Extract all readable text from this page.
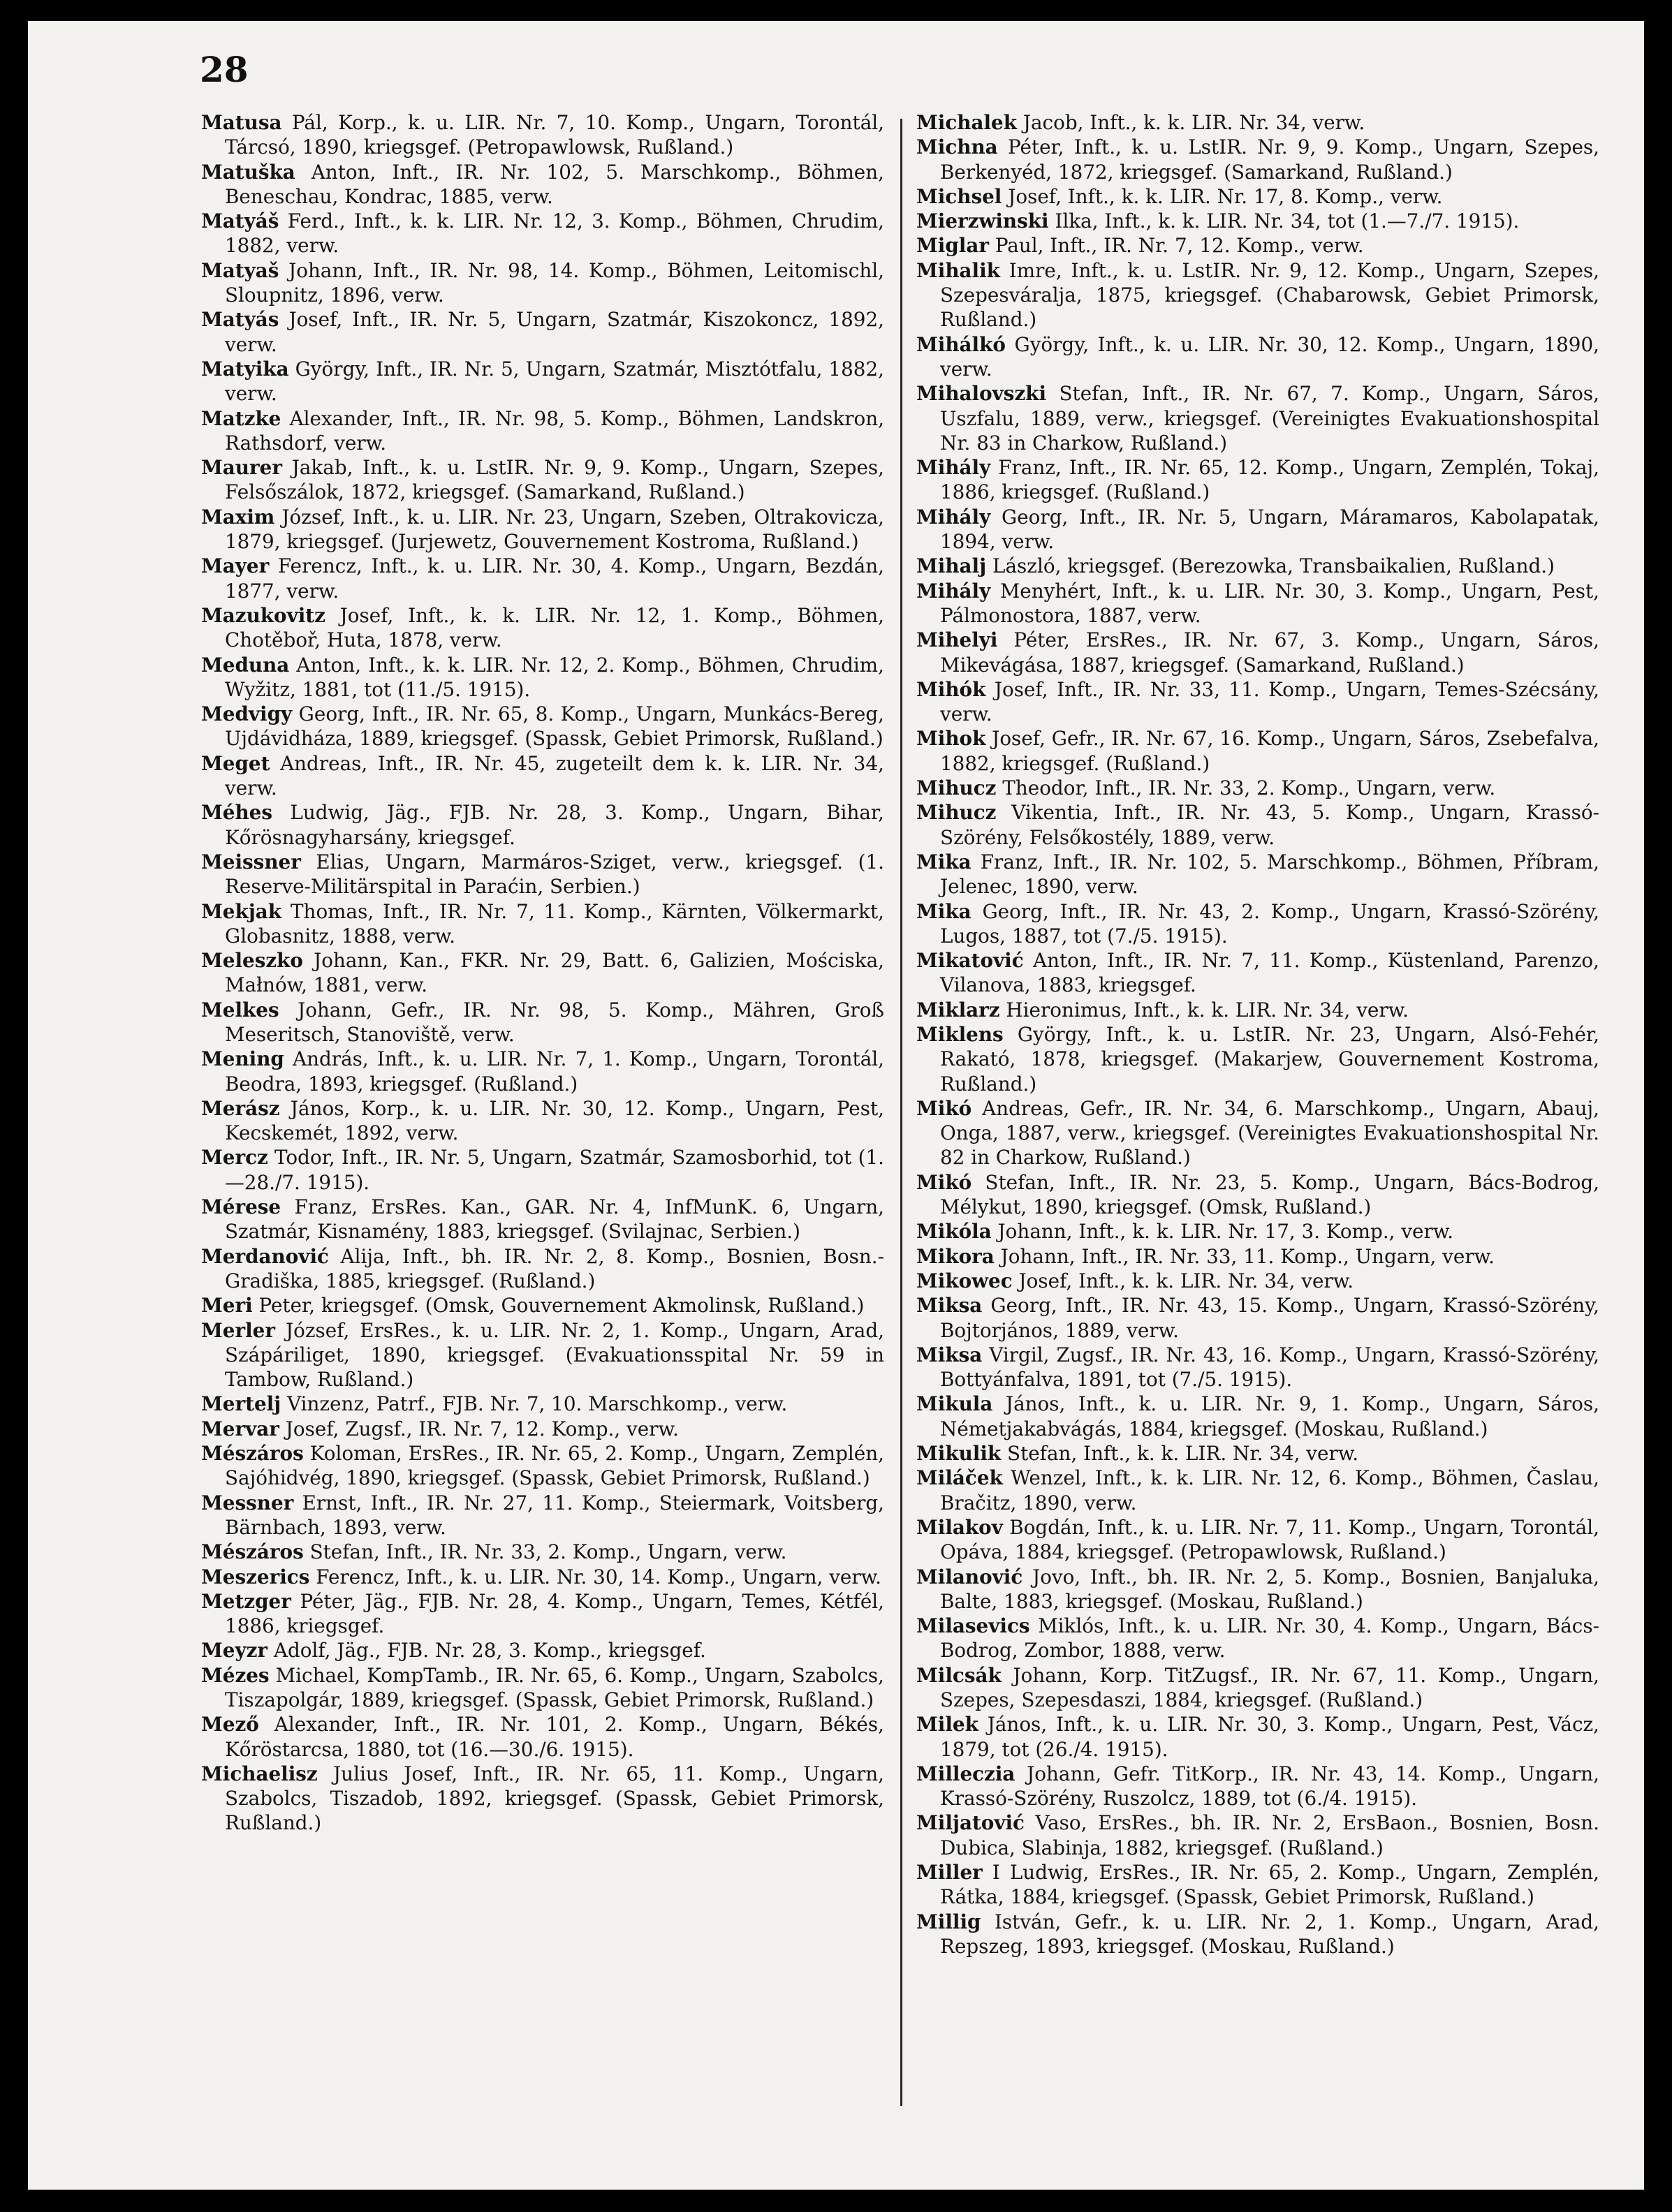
28

Matusa Pál, Korp., k. u. LIR. Nr. 7, 10. Komp., Ungarn, Torontál, Tárcsó, 1890, kriegsgef. (Petropawlowsk, Rußland.)

Matuška Anton, Inft., IR. Nr. 102, 5. Marschkomp., Böhmen, Beneschau, Kondrac, 1885, verw.

Matyáš Ferd., Inft., k. k. LIR. Nr. 12, 3. Komp., Böhmen, Chrudim, 1882, verw.

Matyaš Johann, Inft., IR. Nr. 98, 14. Komp., Böhmen, Leitomischl, Sloupnitz, 1896, verw.

Matyás Josef, Inft., IR. Nr. 5, Ungarn, Szatmár, Kiszokoncz, 1892, verw.

Matyika György, Inft., IR. Nr. 5, Ungarn, Szatmár, Misztótfalu, 1882, verw.

Matzke Alexander, Inft., IR. Nr. 98, 5. Komp., Böhmen, Landskron, Rathsdorf, verw.

Maurer Jakab, Inft., k. u. LstIR. Nr. 9, 9. Komp., Ungarn, Szepes, Felsőszálok, 1872, kriegsgef. (Samarkand, Rußland.)

Maxim József, Inft., k. u. LIR. Nr. 23, Ungarn, Szeben, Oltrakovicza, 1879, kriegsgef. (Jurjewetz, Gouvernement Kostroma, Rußland.)

Mayer Ferencz, Inft., k. u. LIR. Nr. 30, 4. Komp., Ungarn, Bezdán, 1877, verw.

Mazukovitz Josef, Inft., k. k. LIR. Nr. 12, 1. Komp., Böhmen, Chotěboř, Huta, 1878, verw.

Meduna Anton, Inft., k. k. LIR. Nr. 12, 2. Komp., Böhmen, Chrudim, Wyžitz, 1881, tot (11./5. 1915).

Medvigy Georg, Inft., IR. Nr. 65, 8. Komp., Ungarn, Munkács-Bereg, Ujdávidháza, 1889, kriegsgef. (Spassk, Gebiet Primorsk, Rußland.)

Meget Andreas, Inft., IR. Nr. 45, zugeteilt dem k. k. LIR. Nr. 34, verw.

Méhes Ludwig, Jäg., FJB. Nr. 28, 3. Komp., Ungarn, Bihar, Kőrösnagyharsány, kriegsgef.

Meissner Elias, Ungarn, Marmáros-Sziget, verw., kriegsgef. (1. Reserve-Militärspital in Paraćin, Serbien.)

Mekjak Thomas, Inft., IR. Nr. 7, 11. Komp., Kärnten, Völkermarkt, Globasnitz, 1888, verw.

Meleszko Johann, Kan., FKR. Nr. 29, Batt. 6, Galizien, Mościska, Małnów, 1881, verw.

Melkes Johann, Gefr., IR. Nr. 98, 5. Komp., Mähren, Groß Meseritsch, Stanoviště, verw.

Mening András, Inft., k. u. LIR. Nr. 7, 1. Komp., Ungarn, Torontál, Beodra, 1893, kriegsgef. (Rußland.)

Merász János, Korp., k. u. LIR. Nr. 30, 12. Komp., Ungarn, Pest, Kecskemét, 1892, verw.

Mercz Todor, Inft., IR. Nr. 5, Ungarn, Szatmár, Szamosborhid, tot (1.—28./7. 1915).

Mérese Franz, ErsRes. Kan., GAR. Nr. 4, InfMunK. 6, Ungarn, Szatmár, Kisnamény, 1883, kriegsgef. (Svilajnac, Serbien.)

Merdanović Alija, Inft., bh. IR. Nr. 2, 8. Komp., Bosnien, Bosn.-Gradiška, 1885, kriegsgef. (Rußland.)

Meri Peter, kriegsgef. (Omsk, Gouvernement Akmolinsk, Rußland.)

Merler József, ErsRes., k. u. LIR. Nr. 2, 1. Komp., Ungarn, Arad, Szápáriliget, 1890, kriegsgef. (Evakuationsspital Nr. 59 in Tambow, Rußland.)

Mertelj Vinzenz, Patrf., FJB. Nr. 7, 10. Marschkomp., verw.

Mervar Josef, Zugsf., IR. Nr. 7, 12. Komp., verw.

Mészáros Koloman, ErsRes., IR. Nr. 65, 2. Komp., Ungarn, Zemplén, Sajóhidvég, 1890, kriegsgef. (Spassk, Gebiet Primorsk, Rußland.)

Messner Ernst, Inft., IR. Nr. 27, 11. Komp., Steiermark, Voitsberg, Bärnbach, 1893, verw.

Mészáros Stefan, Inft., IR. Nr. 33, 2. Komp., Ungarn, verw.

Meszerics Ferencz, Inft., k. u. LIR. Nr. 30, 14. Komp., Ungarn, verw.

Metzger Péter, Jäg., FJB. Nr. 28, 4. Komp., Ungarn, Temes, Kétfél, 1886, kriegsgef.

Meyzr Adolf, Jäg., FJB. Nr. 28, 3. Komp., kriegsgef.

Mézes Michael, KompTamb., IR. Nr. 65, 6. Komp., Ungarn, Szabolcs, Tiszapolgár, 1889, kriegsgef. (Spassk, Gebiet Primorsk, Rußland.)

Mező Alexander, Inft., IR. Nr. 101, 2. Komp., Ungarn, Békés, Kőröstarcsa, 1880, tot (16.—30./6. 1915).

Michaelisz Julius Josef, Inft., IR. Nr. 65, 11. Komp., Ungarn, Szabolcs, Tiszadob, 1892, kriegsgef. (Spassk, Gebiet Primorsk, Rußland.)

Michalek Jacob, Inft., k. k. LIR. Nr. 34, verw.

Michna Péter, Inft., k. u. LstIR. Nr. 9, 9. Komp., Ungarn, Szepes, Berkenyéd, 1872, kriegsgef. (Samarkand, Rußland.)

Michsel Josef, Inft., k. k. LIR. Nr. 17, 8. Komp., verw.

Mierzwinski Ilka, Inft., k. k. LIR. Nr. 34, tot (1.—7./7. 1915).

Miglar Paul, Inft., IR. Nr. 7, 12. Komp., verw.

Mihalik Imre, Inft., k. u. LstIR. Nr. 9, 12. Komp., Ungarn, Szepes, Szepesváralja, 1875, kriegsgef. (Chabarowsk, Gebiet Primorsk, Rußland.)

Mihálkó György, Inft., k. u. LIR. Nr. 30, 12. Komp., Ungarn, 1890, verw.

Mihalovszki Stefan, Inft., IR. Nr. 67, 7. Komp., Ungarn, Sáros, Uszfalu, 1889, verw., kriegsgef. (Vereinigtes Evakuationshospital Nr. 83 in Charkow, Rußland.)

Mihály Franz, Inft., IR. Nr. 65, 12. Komp., Ungarn, Zemplén, Tokaj, 1886, kriegsgef. (Rußland.)

Mihály Georg, Inft., IR. Nr. 5, Ungarn, Máramaros, Kabolapatak, 1894, verw.

Mihalj László, kriegsgef. (Berezowka, Transbaikalien, Rußland.)

Mihály Menyhért, Inft., k. u. LIR. Nr. 30, 3. Komp., Ungarn, Pest, Pálmonostora, 1887, verw.

Mihelyi Péter, ErsRes., IR. Nr. 67, 3. Komp., Ungarn, Sáros, Mikevágása, 1887, kriegsgef. (Samarkand, Rußland.)

Mihók Josef, Inft., IR. Nr. 33, 11. Komp., Ungarn, Temes-Szécsány, verw.

Mihok Josef, Gefr., IR. Nr. 67, 16. Komp., Ungarn, Sáros, Zsebefalva, 1882, kriegsgef. (Rußland.)

Mihucz Theodor, Inft., IR. Nr. 33, 2. Komp., Ungarn, verw.

Mihucz Vikentia, Inft., IR. Nr. 43, 5. Komp., Ungarn, Krassó-Szörény, Felsőkostély, 1889, verw.

Mika Franz, Inft., IR. Nr. 102, 5. Marschkomp., Böhmen, Příbram, Jelenec, 1890, verw.

Mika Georg, Inft., IR. Nr. 43, 2. Komp., Ungarn, Krassó-Szörény, Lugos, 1887, tot (7./5. 1915).

Mikatović Anton, Inft., IR. Nr. 7, 11. Komp., Küstenland, Parenzo, Vilanova, 1883, kriegsgef.

Miklarz Hieronimus, Inft., k. k. LIR. Nr. 34, verw.

Miklens György, Inft., k. u. LstIR. Nr. 23, Ungarn, Alsó-Fehér, Rakató, 1878, kriegsgef. (Makarjew, Gouvernement Kostroma, Rußland.)

Mikó Andreas, Gefr., IR. Nr. 34, 6. Marschkomp., Ungarn, Abauj, Onga, 1887, verw., kriegsgef. (Vereinigtes Evakuationshospital Nr. 82 in Charkow, Rußland.)

Mikó Stefan, Inft., IR. Nr. 23, 5. Komp., Ungarn, Bács-Bodrog, Mélykut, 1890, kriegsgef. (Omsk, Rußland.)

Mikóla Johann, Inft., k. k. LIR. Nr. 17, 3. Komp., verw.

Mikora Johann, Inft., IR. Nr. 33, 11. Komp., Ungarn, verw.

Mikowec Josef, Inft., k. k. LIR. Nr. 34, verw.

Miksa Georg, Inft., IR. Nr. 43, 15. Komp., Ungarn, Krassó-Szörény, Bojtorjános, 1889, verw.

Miksa Virgil, Zugsf., IR. Nr. 43, 16. Komp., Ungarn, Krassó-Szörény, Bottyánfalva, 1891, tot (7./5. 1915).

Mikula János, Inft., k. u. LIR. Nr. 9, 1. Komp., Ungarn, Sáros, Németjakabvágás, 1884, kriegsgef. (Moskau, Rußland.)

Mikulik Stefan, Inft., k. k. LIR. Nr. 34, verw.

Miláček Wenzel, Inft., k. k. LIR. Nr. 12, 6. Komp., Böhmen, Časlau, Bračitz, 1890, verw.

Milakov Bogdán, Inft., k. u. LIR. Nr. 7, 11. Komp., Ungarn, Torontál, Opáva, 1884, kriegsgef. (Petropawlowsk, Rußland.)

Milanović Jovo, Inft., bh. IR. Nr. 2, 5. Komp., Bosnien, Banjaluka, Balte, 1883, kriegsgef. (Moskau, Rußland.)

Milasevics Miklós, Inft., k. u. LIR. Nr. 30, 4. Komp., Ungarn, Bács-Bodrog, Zombor, 1888, verw.

Milcsák Johann, Korp. TitZugsf., IR. Nr. 67, 11. Komp., Ungarn, Szepes, Szepesdaszi, 1884, kriegsgef. (Rußland.)

Milek János, Inft., k. u. LIR. Nr. 30, 3. Komp., Ungarn, Pest, Vácz, 1879, tot (26./4. 1915).

Milleczia Johann, Gefr. TitKorp., IR. Nr. 43, 14. Komp., Ungarn, Krassó-Szörény, Ruszolcz, 1889, tot (6./4. 1915).

Miljatović Vaso, ErsRes., bh. IR. Nr. 2, ErsBaon., Bosnien, Bosn. Dubica, Slabinja, 1882, kriegsgef. (Rußland.)

Miller I Ludwig, ErsRes., IR. Nr. 65, 2. Komp., Ungarn, Zemplén, Rátka, 1884, kriegsgef. (Spassk, Gebiet Primorsk, Rußland.)

Millig István, Gefr., k. u. LIR. Nr. 2, 1. Komp., Ungarn, Arad, Repszeg, 1893, kriegsgef. (Moskau, Rußland.)
